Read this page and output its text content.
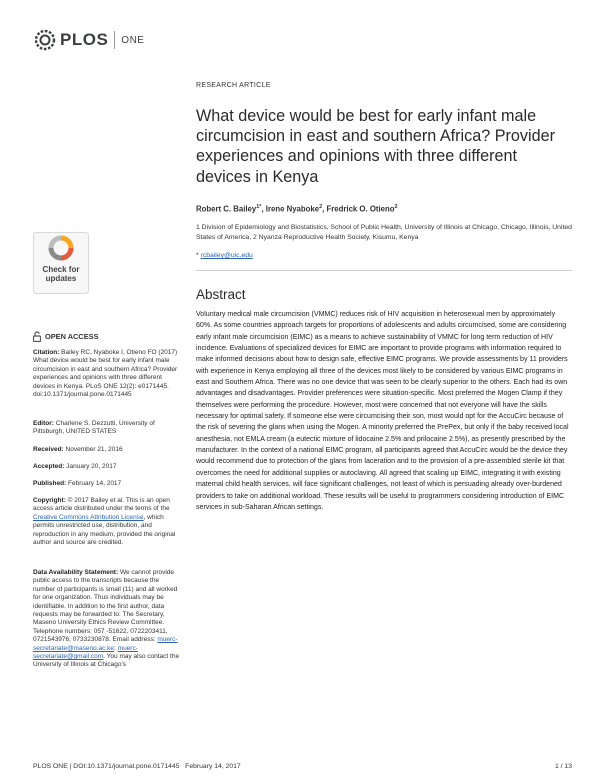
PLOS ONE
Check for updates
OPEN ACCESS
Citation: Bailey RC, Nyaboke I, Otieno FO (2017) What device would be best for early infant male circumcision in east and southern Africa? Provider experiences and opinions with three different devices in Kenya. PLoS ONE 12(2): e0171445. doi:10.1371/journal.pone.0171445
Editor: Charlene S. Dezzutti, University of Pittsburgh, UNITED STATES
Received: November 21, 2016
Accepted: January 20, 2017
Published: February 14, 2017
Copyright: © 2017 Bailey et al. This is an open access article distributed under the terms of the Creative Commons Attribution License, which permits unrestricted use, distribution, and reproduction in any medium, provided the original author and source are credited.
Data Availability Statement: We cannot provide public access to the transcripts because the number of participants is small (11) and all worked for one organization. Thus individuals may be identifiable. In addition to the first author, data requests may be forwarded to: The Secretary, Maseno University Ethics Review Committee. Telephone numbers: 057 -51622, 0722203411, 0721543976, 0733230878. Email address: muerc-secretariate@maseno.ac.ke; muerc-secretariate@gmail.com. You may also contact the University of Illinois at Chicago's
RESEARCH ARTICLE
What device would be best for early infant male circumcision in east and southern Africa? Provider experiences and opinions with three different devices in Kenya
Robert C. Bailey$^{1*}$, Irene Nyaboke$^2$, Fredrick O. Otieno$^2$
1 Division of Epidemiology and Biostatistics, School of Public Health, University of Illinois at Chicago, Chicago, Illinois, United States of America, 2 Nyanza Reproductive Health Society, Kisumu, Kenya
* rcbailey@uic.edu
Abstract
Voluntary medical male circumcision (VMMC) reduces risk of HIV acquisition in heterosexual men by approximately 60%. As some countries approach targets for proportions of adolescents and adults circumcised, some are considering early infant male circumcision (EIMC) as a means to achieve sustainability of VMMC for long term reduction of HIV incidence. Evaluations of specialized devices for EIMC are important to provide programs with information required to make informed decisions about how to design safe, effective EIMC programs. We provide assessments by 11 providers with experience in Kenya employing all three of the devices most likely to be considered by various EIMC programs in east and Southern Africa. There was no one device that was seen to be clearly superior to the others. Each had its own advantages and disadvantages. Provider preferences were situation-specific. Most preferred the Mogen Clamp if they themselves were performing the procedure. However, most were concerned that not everyone will have the skills necessary for optimal safety. If someone else were circumcising their son, most would opt for the AccuCirc because of the risk of severing the glans when using the Mogen. A minority preferred the PrePex, but only if the baby received local anesthesia, not EMLA cream (a eutectic mixture of lidocaine 2.5% and prilocaine 2.5%), as presently prescribed by the manufacturer. In the context of a national EIMC program, all participants agreed that AccuCirc would be the device they would recommend due to protection of the glans from laceration and to the provision of a pre-assembled sterile kit that overcomes the need for additional supplies or autoclaving. All agreed that scaling up EIMC, integrating it with existing maternal child health services, will face significant challenges, not least of which is persuading already over-burdened providers to take on additional workload. These results will be useful to programmers considering introduction of EIMC services in sub-Saharan African settings.
PLOS ONE | DOI:10.1371/journal.pone.0171445 February 14, 2017	1 / 13
